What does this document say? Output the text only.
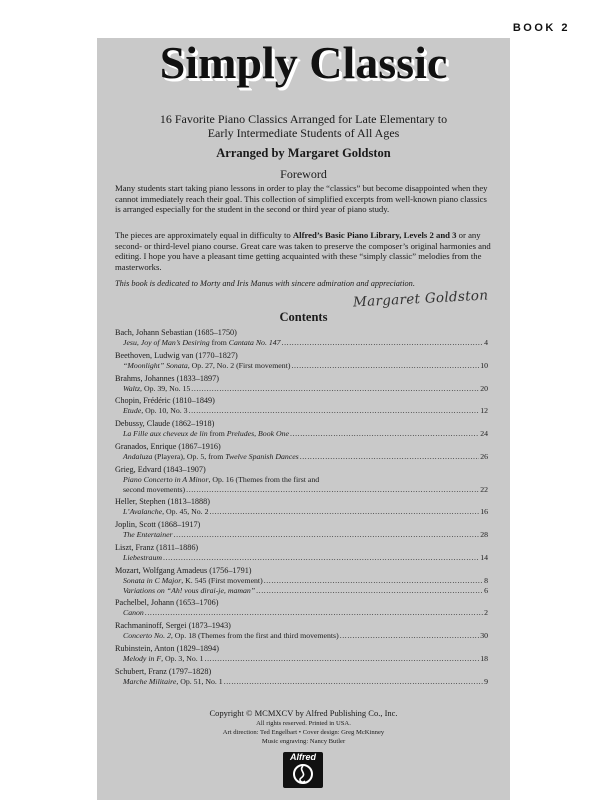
BOOK 2
Simply Classic
16 Favorite Piano Classics Arranged for Late Elementary to
Early Intermediate Students of All Ages
Arranged by Margaret Goldston
Foreword
Many students start taking piano lessons in order to play the “classics” but become disappointed when they cannot immediately reach their goal. This collection of simplified excerpts from well-known piano classics is arranged especially for the student in the second or third year of piano study.
The pieces are approximately equal in difficulty to Alfred’s Basic Piano Library, Levels 2 and 3 or any second- or third-level piano course. Great care was taken to preserve the composer’s original harmonies and editing. I hope you have a pleasant time getting acquainted with these “simply classic” melodies from the masterworks.
This book is dedicated to Morty and Iris Manus with sincere admiration and appreciation.
Margaret Goldston
Contents
Bach, Johann Sebastian (1685–1750)
Jesu, Joy of Man’s Desiring from Cantata No. 147 .....	4
Beethoven, Ludwig van (1770–1827)
“Moonlight” Sonata, Op. 27, No. 2 (First movement) .....	10
Brahms, Johannes (1833–1897)
Waltz, Op. 39, No. 15 .....	20
Chopin, Frédéric (1810–1849)
Etude, Op. 10, No. 3 .....	12
Debussy, Claude (1862–1918)
La Fille aux cheveux de lin from Preludes, Book One .....	24
Granados, Enrique (1867–1916)
Andaluza (Playera), Op. 5, from Twelve Spanish Dances .....	26
Grieg, Edvard (1843–1907)
Piano Concerto in A Minor, Op. 16 (Themes from the first and
second movements) .....	22
Heller, Stephen (1813–1888)
L’Avalanche, Op. 45, No. 2 .....	16
Joplin, Scott (1868–1917)
The Entertainer .....	28
Liszt, Franz (1811–1886)
Liebestraum .....	14
Mozart, Wolfgang Amadeus (1756–1791)
Sonata in C Major, K. 545 (First movement) .....	8
Variations on “Ah! vous dirai-je, maman” .....	6
Pachelbel, Johann (1653–1706)
Canon .....	2
Rachmaninoff, Sergei (1873–1943)
Concerto No. 2, Op. 18 (Themes from the first and third movements) .....	30
Rubinstein, Anton (1829–1894)
Melody in F, Op. 3, No. 1 .....	18
Schubert, Franz (1797–1828)
Marche Militaire, Op. 51, No. 1 .....	9
Copyright © MCMXCV by Alfred Publishing Co., Inc.
All rights reserved. Printed in USA.
Art direction: Ted Engelbart • Cover design: Greg McKinney
Music engraving: Nancy Butler
Alfred
